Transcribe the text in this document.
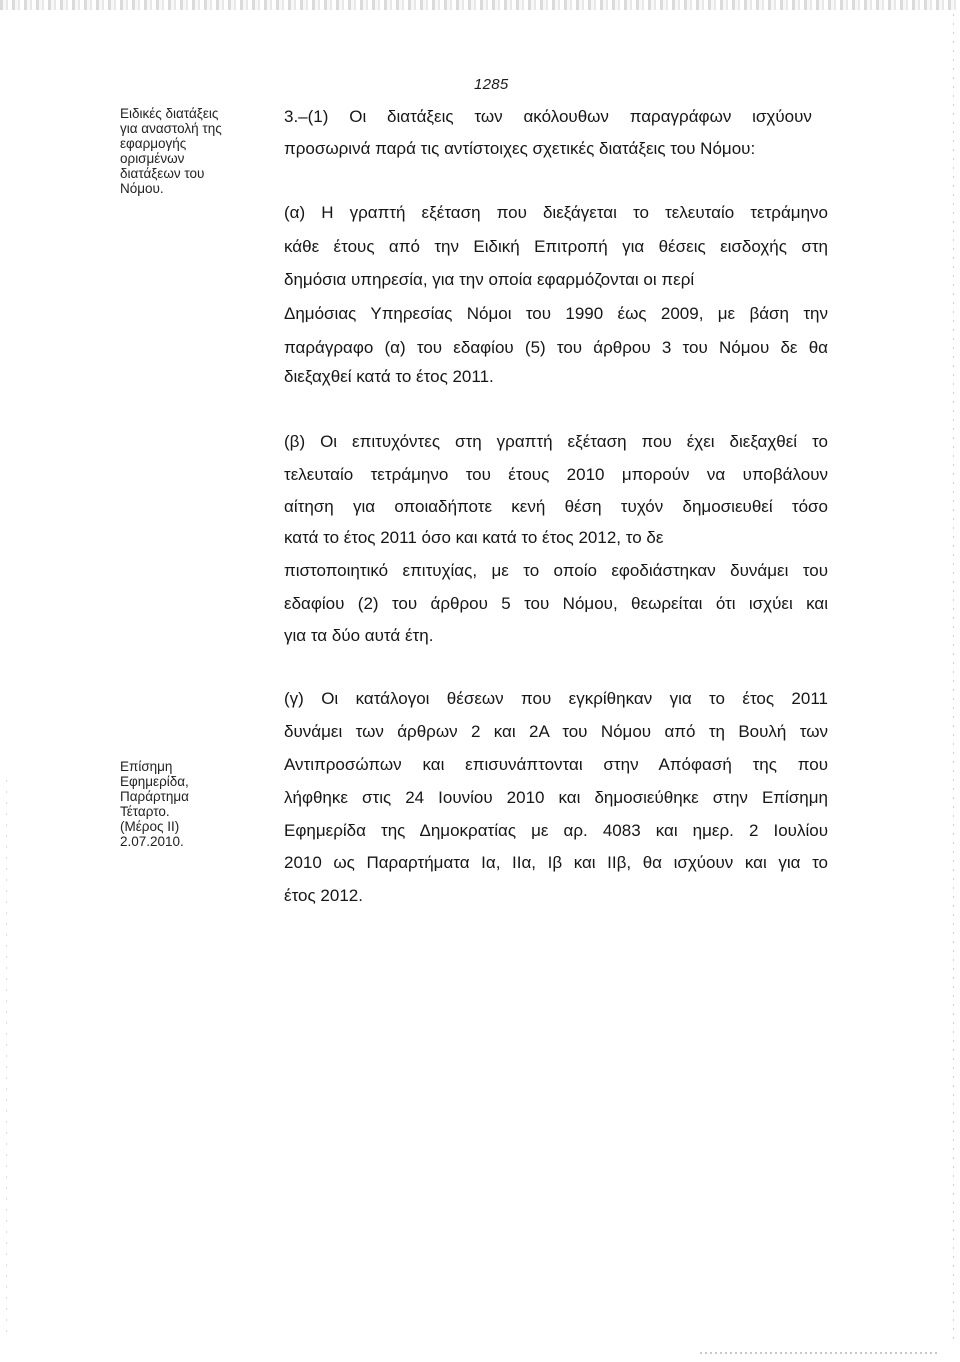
1285
Ειδικές διατάξεις
για αναστολή της
εφαρμογής
ορισμένων
διατάξεων του
Νόμου.
Επίσημη
Εφημερίδα,
Παράρτημα
Τέταρτο.
(Μέρος ΙΙ)
2.07.2010.
3.–(1) Οι διατάξεις των ακόλουθων παραγράφων ισχύουν
προσωρινά παρά τις αντίστοιχες σχετικές διατάξεις του Νόμου:
(α) Η γραπτή εξέταση που διεξάγεται το τελευταίο τετράμηνο
κάθε έτους από την Ειδική Επιτροπή για θέσεις εισδοχής στη
δημόσια υπηρεσία, για την οποία εφαρμόζονται οι περί
Δημόσιας Υπηρεσίας Νόμοι του 1990 έως 2009, με βάση την
παράγραφο (α) του εδαφίου (5) του άρθρου 3 του Νόμου δε θα
διεξαχθεί κατά το έτος 2011.
(β) Οι επιτυχόντες στη γραπτή εξέταση που έχει διεξαχθεί το
τελευταίο τετράμηνο του έτους 2010 μπορούν να υποβάλουν
αίτηση για οποιαδήποτε κενή θέση τυχόν δημοσιευθεί τόσο
κατά το έτος 2011 όσο και κατά το έτος 2012, το δε
πιστοποιητικό επιτυχίας, με το οποίο εφοδιάστηκαν δυνάμει του
εδαφίου (2) του άρθρου 5 του Νόμου, θεωρείται ότι ισχύει και
για τα δύο αυτά έτη.
(γ) Οι κατάλογοι θέσεων που εγκρίθηκαν για το έτος 2011
δυνάμει των άρθρων 2 και 2Α του Νόμου από τη Βουλή των
Αντιπροσώπων και επισυνάπτονται στην Απόφασή της που
λήφθηκε στις 24 Ιουνίου 2010 και δημοσιεύθηκε στην Επίσημη
Εφημερίδα της Δημοκρατίας με αρ. 4083 και ημερ. 2 Ιουλίου
2010 ως Παραρτήματα Ια, ΙΙα, Ιβ και ΙΙβ, θα ισχύουν και για το
έτος 2012.
